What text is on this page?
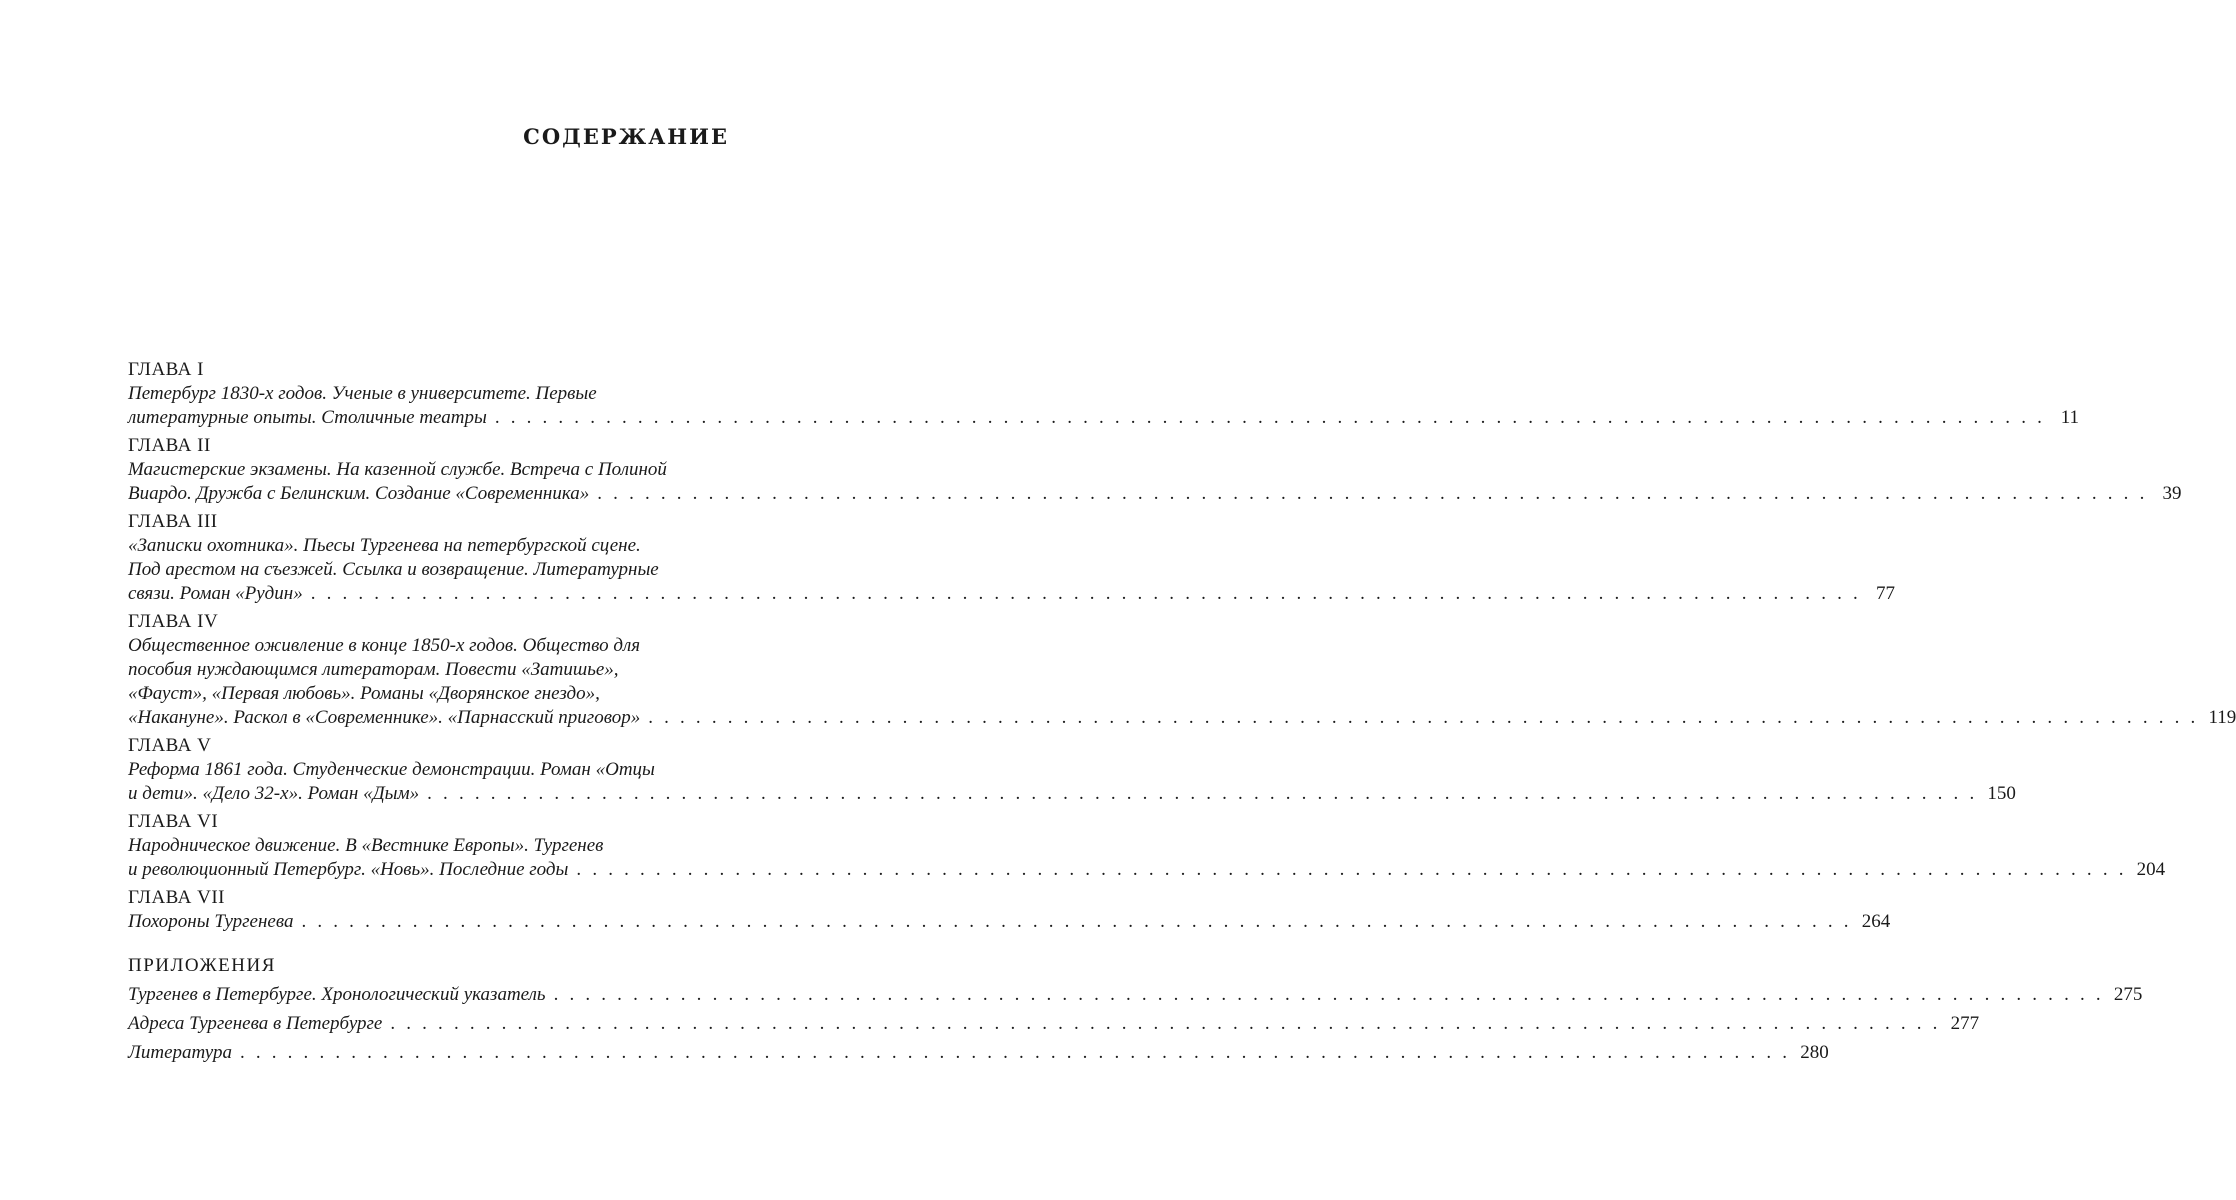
СОДЕРЖАНИЕ
ГЛАВА I
Петербург 1830-х годов. Ученые в университете. Первые
литературные опыты. Столичные театры . . . . . . . . . . . . . . . . . . . . . . . . . . . . . . . . . . . . . . . . . . . . . . . . . . . . . . . . . . . . . . . . . . . . . . . . . . . . . . . . . . . . . . . . . . . . . . . . . . 11
ГЛАВА II
Магистерские экзамены. На казенной службе. Встреча с Полиной
Виардо. Дружба с Белинским. Создание «Современника» . . . . . . . . . . . . . . . . . . . . . . . . . . . . . . . . . . . . . . . . . . . . . . . . . . . . . . . . . . . . . . . . . . . . . . . . . . . . . . . . . . . . . . . . . . . . . . . . . . 39
ГЛАВА III
«Записки охотника». Пьесы Тургенева на петербургской сцене.
Под арестом на съезжей. Ссылка и возвращение. Литературные
связи. Роман «Рудин» . . . . . . . . . . . . . . . . . . . . . . . . . . . . . . . . . . . . . . . . . . . . . . . . . . . . . . . . . . . . . . . . . . . . . . . . . . . . . . . . . . . . . . . . . . . . . . . . . . 77
ГЛАВА IV
Общественное оживление в конце 1850-х годов. Общество для
пособия нуждающимся литераторам. Повести «Затишье»,
«Фауст», «Первая любовь». Романы «Дворянское гнездо»,
«Накануне». Раскол в «Современнике». «Парнасский приговор» . . . . . . . . . . . . . . . . . . . . . . . . . . . . . . . . . . . . . . . . . . . . . . . . . . . . . . . . . . . . . . . . . . . . . . . . . . . . . . . . . . . . . . . . . . . . . . . . . . 119
ГЛАВА V
Реформа 1861 года. Студенческие демонстрации. Роман «Отцы
и дети». «Дело 32-х». Роман «Дым» . . . . . . . . . . . . . . . . . . . . . . . . . . . . . . . . . . . . . . . . . . . . . . . . . . . . . . . . . . . . . . . . . . . . . . . . . . . . . . . . . . . . . . . . . . . . . . . . . . 150
ГЛАВА VI
Народническое движение. В «Вестнике Европы». Тургенев
и революционный Петербург. «Новь». Последние годы . . . . . . . . . . . . . . . . . . . . . . . . . . . . . . . . . . . . . . . . . . . . . . . . . . . . . . . . . . . . . . . . . . . . . . . . . . . . . . . . . . . . . . . . . . . . . . . . . . 204
ГЛАВА VII
Похороны Тургенева . . . . . . . . . . . . . . . . . . . . . . . . . . . . . . . . . . . . . . . . . . . . . . . . . . . . . . . . . . . . . . . . . . . . . . . . . . . . . . . . . . . . . . . . . . . . . . . . . . 264
ПРИЛОЖЕНИЯ
Тургенев в Петербурге. Хронологический указатель . . . . . . . . . . . . . . . . . . . . . . . . . . . . . . . . . . . . . . . . . . . . . . . . . . . . . . . . . . . . . . . . . . . . . . . . . . . . . . . . . . . . . . . . . . . . . . . . . . 275
Адреса Тургенева в Петербурге . . . . . . . . . . . . . . . . . . . . . . . . . . . . . . . . . . . . . . . . . . . . . . . . . . . . . . . . . . . . . . . . . . . . . . . . . . . . . . . . . . . . . . . . . . . . . . . . . . 277
Литература . . . . . . . . . . . . . . . . . . . . . . . . . . . . . . . . . . . . . . . . . . . . . . . . . . . . . . . . . . . . . . . . . . . . . . . . . . . . . . . . . . . . . . . . . . . . . . . . . . 280
